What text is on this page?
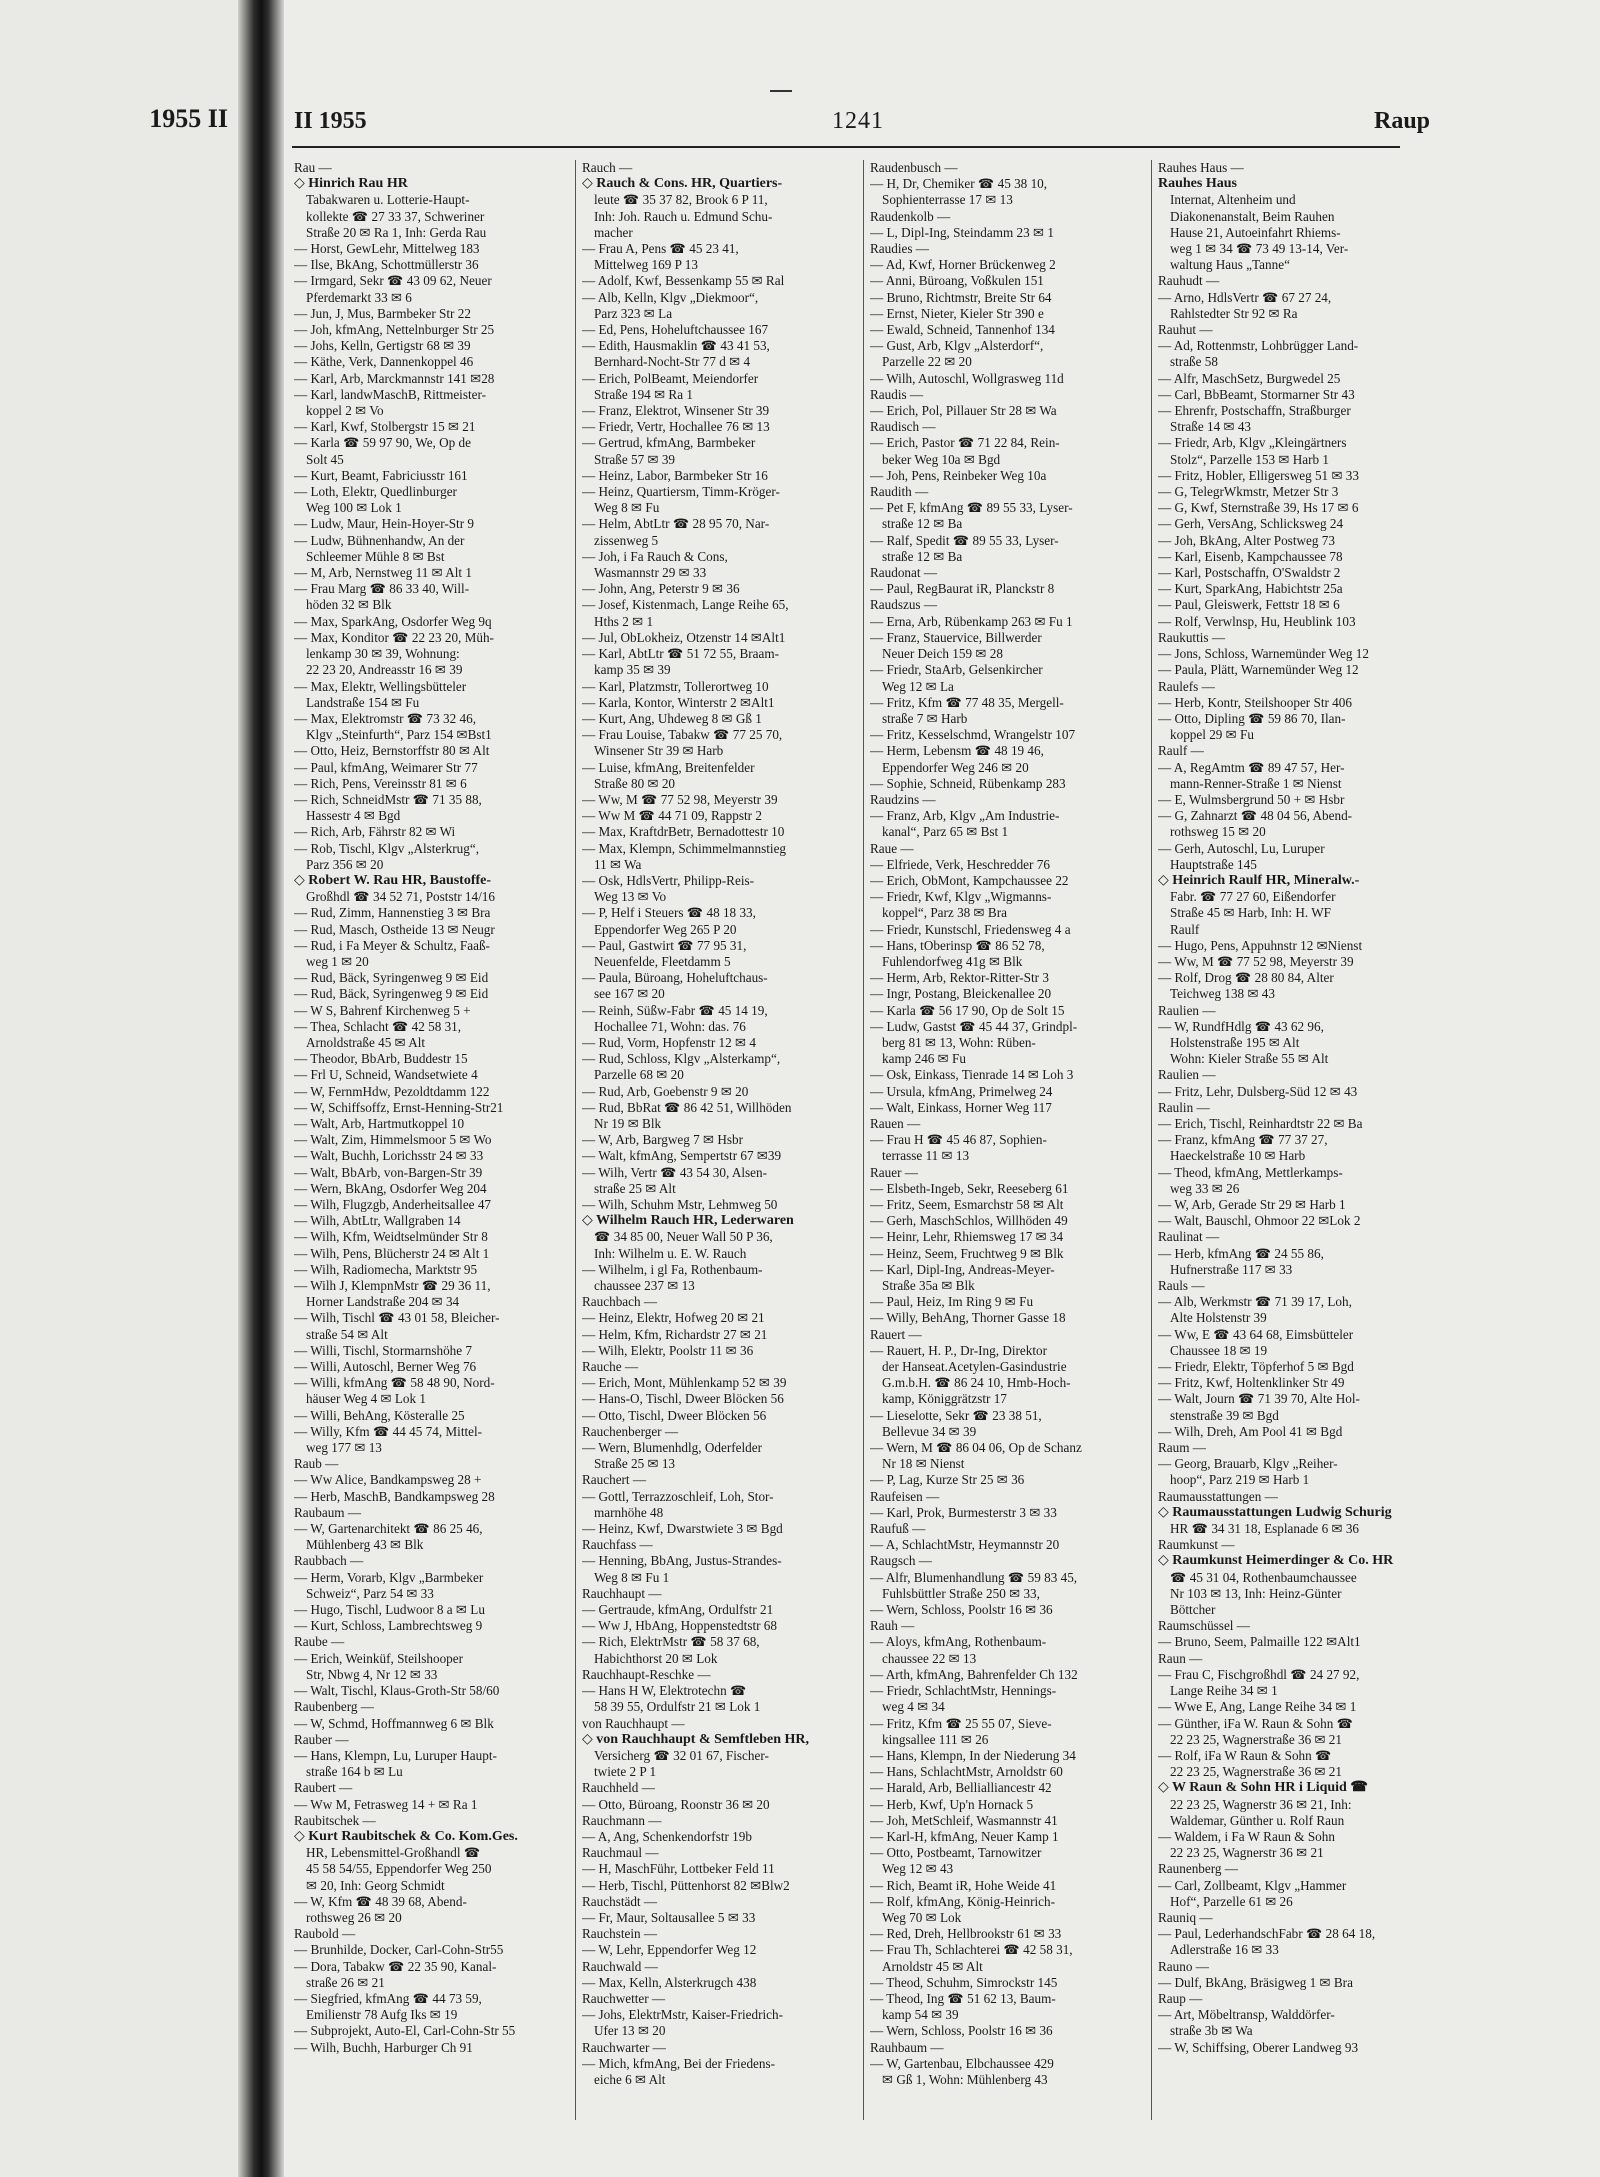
1955 II

	II 1955	1241	Raup
Rau —
◇ Hinrich Rau HR
Tabakwaren u. Lotterie-Haupt-
kollekte ☎ 27 33 37, Schweriner
Straße 20 ✉ Ra 1, Inh: Gerda Rau
— Horst, GewLehr, Mittelweg 183
— Ilse, BkAng, Schottmüllerstr 36
— Irmgard, Sekr ☎ 43 09 62, Neuer
Pferdemarkt 33 ✉ 6
— Jun, J, Mus, Barmbeker Str 22
— Joh, kfmAng, Nettelnburger Str 25
— Johs, Kelln, Gertigstr 68 ✉ 39
— Käthe, Verk, Dannenkoppel 46
— Karl, Arb, Marckmannstr 141 ✉28
— Karl, landwMaschB, Rittmeister-
koppel 2 ✉ Vo
— Karl, Kwf, Stolbergstr 15 ✉ 21
— Karla ☎ 59 97 90, We, Op de
Solt 45
— Kurt, Beamt, Fabriciusstr 161
— Loth, Elektr, Quedlinburger
Weg 100 ✉ Lok 1
— Ludw, Maur, Hein-Hoyer-Str 9
— Ludw, Bühnenhandw, An der
Schleemer Mühle 8 ✉ Bst
— M, Arb, Nernstweg 11 ✉ Alt 1
— Frau Marg ☎ 86 33 40, Will-
höden 32 ✉ Blk
— Max, SparkAng, Osdorfer Weg 9q
— Max, Konditor ☎ 22 23 20, Müh-
lenkamp 30 ✉ 39, Wohnung:
22 23 20, Andreasstr 16 ✉ 39
— Max, Elektr, Wellingsbütteler
Landstraße 154 ✉ Fu
— Max, Elektromstr ☎ 73 32 46,
Klgv „Steinfurth“, Parz 154 ✉Bst1
— Otto, Heiz, Bernstorffstr 80 ✉ Alt
— Paul, kfmAng, Weimarer Str 77
— Rich, Pens, Vereinsstr 81 ✉ 6
— Rich, SchneidMstr ☎ 71 35 88,
Hassestr 4 ✉ Bgd
— Rich, Arb, Fährstr 82 ✉ Wi
— Rob, Tischl, Klgv „Alsterkrug“,
Parz 356 ✉ 20
◇ Robert W. Rau HR, Baustoffe-
Großhdl ☎ 34 52 71, Poststr 14/16
— Rud, Zimm, Hannenstieg 3 ✉ Bra
— Rud, Masch, Ostheide 13 ✉ Neugr
— Rud, i Fa Meyer & Schultz, Faaß-
weg 1 ✉ 20
— Rud, Bäck, Syringenweg 9 ✉ Eid
— Rud, Bäck, Syringenweg 9 ✉ Eid
— W S, Bahrenf Kirchenweg 5 +
— Thea, Schlacht ☎ 42 58 31,
Arnoldstraße 45 ✉ Alt
— Theodor, BbArb, Buddestr 15
— Frl U, Schneid, Wandsetwiete 4
— W, FernmHdw, Pezoldtdamm 122
— W, Schiffsoffz, Ernst-Henning-Str21
— Walt, Arb, Hartmutkoppel 10
— Walt, Zim, Himmelsmoor 5 ✉ Wo
— Walt, Buchh, Lorichsstr 24 ✉ 33
— Walt, BbArb, von-Bargen-Str 39
— Wern, BkAng, Osdorfer Weg 204
— Wilh, Flugzgb, Anderheitsallee 47
— Wilh, AbtLtr, Wallgraben 14
— Wilh, Kfm, Weidtselmünder Str 8
— Wilh, Pens, Blücherstr 24 ✉ Alt 1
— Wilh, Radiomecha, Marktstr 95
— Wilh J, KlempnMstr ☎ 29 36 11,
Horner Landstraße 204 ✉ 34
— Wilh, Tischl ☎ 43 01 58, Bleicher-
straße 54 ✉ Alt
— Willi, Tischl, Stormarnshöhe 7
— Willi, Autoschl, Berner Weg 76
— Willi, kfmAng ☎ 58 48 90, Nord-
häuser Weg 4 ✉ Lok 1
— Willi, BehAng, Kösteralle 25
— Willy, Kfm ☎ 44 45 74, Mittel-
weg 177 ✉ 13
Raub —
— Ww Alice, Bandkampsweg 28 +
— Herb, MaschB, Bandkampsweg 28
Raubaum —
— W, Gartenarchitekt ☎ 86 25 46,
Mühlenberg 43 ✉ Blk
Raubbach —
— Herm, Vorarb, Klgv „Barmbeker
Schweiz“, Parz 54 ✉ 33
— Hugo, Tischl, Ludwoor 8 a ✉ Lu
— Kurt, Schloss, Lambrechtsweg 9
Raube —
— Erich, Weinküf, Steilshooper
Str, Nbwg 4, Nr 12 ✉ 33
— Walt, Tischl, Klaus-Groth-Str 58/60
Raubenberg —
— W, Schmd, Hoffmannweg 6 ✉ Blk
Rauber —
— Hans, Klempn, Lu, Luruper Haupt-
straße 164 b ✉ Lu
Raubert —
— Ww M, Fetrasweg 14 + ✉ Ra 1
Raubitschek —
◇ Kurt Raubitschek & Co. Kom.Ges.
HR, Lebensmittel-Großhandl ☎
45 58 54/55, Eppendorfer Weg 250
✉ 20, Inh: Georg Schmidt
— W, Kfm ☎ 48 39 68, Abend-
rothsweg 26 ✉ 20
Raubold —
— Brunhilde, Docker, Carl-Cohn-Str55
— Dora, Tabakw ☎ 22 35 90, Kanal-
straße 26 ✉ 21
— Siegfried, kfmAng ☎ 44 73 59,
Emilienstr 78 Aufg Iks ✉ 19
— Subprojekt, Auto-El, Carl-Cohn-Str 55
— Wilh, Buchh, Harburger Ch 91
Rauch —
◇ Rauch & Cons. HR, Quartiers-
leute ☎ 35 37 82, Brook 6 P 11,
Inh: Joh. Rauch u. Edmund Schu-
macher
— Frau A, Pens ☎ 45 23 41,
Mittelweg 169 P 13
— Adolf, Kwf, Bessenkamp 55 ✉ Ral
— Alb, Kelln, Klgv „Diekmoor“,
Parz 323 ✉ La
— Ed, Pens, Hoheluftchaussee 167
— Edith, Hausmaklin ☎ 43 41 53,
Bernhard-Nocht-Str 77 d ✉ 4
— Erich, PolBeamt, Meiendorfer
Straße 194 ✉ Ra 1
— Franz, Elektrot, Winsener Str 39
— Friedr, Vertr, Hochallee 76 ✉ 13
— Gertrud, kfmAng, Barmbeker
Straße 57 ✉ 39
— Heinz, Labor, Barmbeker Str 16
— Heinz, Quartiersm, Timm-Kröger-
Weg 8 ✉ Fu
— Helm, AbtLtr ☎ 28 95 70, Nar-
zissenweg 5
— Joh, i Fa Rauch & Cons,
Wasmannstr 29 ✉ 33
— John, Ang, Peterstr 9 ✉ 36
— Josef, Kistenmach, Lange Reihe 65,
Hths 2 ✉ 1
— Jul, ObLokheiz, Otzenstr 14 ✉Alt1
— Karl, AbtLtr ☎ 51 72 55, Braam-
kamp 35 ✉ 39
— Karl, Platzmstr, Tollerortweg 10
— Karla, Kontor, Winterstr 2 ✉Alt1
— Kurt, Ang, Uhdeweg 8 ✉ Gß 1
— Frau Louise, Tabakw ☎ 77 25 70,
Winsener Str 39 ✉ Harb
— Luise, kfmAng, Breitenfelder
Straße 80 ✉ 20
— Ww, M ☎ 77 52 98, Meyerstr 39
— Ww M ☎ 44 71 09, Rappstr 2
— Max, KraftdrBetr, Bernadottestr 10
— Max, Klempn, Schimmelmannstieg
11 ✉ Wa
— Osk, HdlsVertr, Philipp-Reis-
Weg 13 ✉ Vo
— P, Helf i Steuers ☎ 48 18 33,
Eppendorfer Weg 265 P 20
— Paul, Gastwirt ☎ 77 95 31,
Neuenfelde, Fleetdamm 5
— Paula, Büroang, Hoheluftchaus-
see 167 ✉ 20
— Reinh, Süßw-Fabr ☎ 45 14 19,
Hochallee 71, Wohn: das. 76
— Rud, Vorm, Hopfenstr 12 ✉ 4
— Rud, Schloss, Klgv „Alsterkamp“,
Parzelle 68 ✉ 20
— Rud, Arb, Goebenstr 9 ✉ 20
— Rud, BbRat ☎ 86 42 51, Willhöden
Nr 19 ✉ Blk
— W, Arb, Bargweg 7 ✉ Hsbr
— Walt, kfmAng, Sempertstr 67 ✉39
— Wilh, Vertr ☎ 43 54 30, Alsen-
straße 25 ✉ Alt
— Wilh, Schuhm Mstr, Lehmweg 50
◇ Wilhelm Rauch HR, Lederwaren
☎ 34 85 00, Neuer Wall 50 P 36,
Inh: Wilhelm u. E. W. Rauch
— Wilhelm, i gl Fa, Rothenbaum-
chaussee 237 ✉ 13
Rauchbach —
— Heinz, Elektr, Hofweg 20 ✉ 21
— Helm, Kfm, Richardstr 27 ✉ 21
— Wilh, Elektr, Poolstr 11 ✉ 36
Rauche —
— Erich, Mont, Mühlenkamp 52 ✉ 39
— Hans-O, Tischl, Dweer Blöcken 56
— Otto, Tischl, Dweer Blöcken 56
Rauchenberger —
— Wern, Blumenhdlg, Oderfelder
Straße 25 ✉ 13
Rauchert —
— Gottl, Terrazzoschleif, Loh, Stor-
marnhöhe 48
— Heinz, Kwf, Dwarstwiete 3 ✉ Bgd
Rauchfass —
— Henning, BbAng, Justus-Strandes-
Weg 8 ✉ Fu 1
Rauchhaupt —
— Gertraude, kfmAng, Ordulfstr 21
— Ww J, HbAng, Hoppenstedtstr 68
— Rich, ElektrMstr ☎ 58 37 68,
Habichthorst 20 ✉ Lok
Rauchhaupt-Reschke —
— Hans H W, Elektrotechn ☎
58 39 55, Ordulfstr 21 ✉ Lok 1
von Rauchhaupt —
◇ von Rauchhaupt & Semftleben HR,
Versicherg ☎ 32 01 67, Fischer-
twiete 2 P 1
Rauchheld —
— Otto, Büroang, Roonstr 36 ✉ 20
Rauchmann —
— A, Ang, Schenkendorfstr 19b
Rauchmaul —
— H, MaschFühr, Lottbeker Feld 11
— Herb, Tischl, Püttenhorst 82 ✉Blw2
Rauchstädt —
— Fr, Maur, Soltausallee 5 ✉ 33
Rauchstein —
— W, Lehr, Eppendorfer Weg 12
Rauchwald —
— Max, Kelln, Alsterkrugch 438
Rauchwetter —
— Johs, ElektrMstr, Kaiser-Friedrich-
Ufer 13 ✉ 20
Rauchwarter —
— Mich, kfmAng, Bei der Friedens-
eiche 6 ✉ Alt
Raudenbusch —
— H, Dr, Chemiker ☎ 45 38 10,
Sophienterrasse 17 ✉ 13
Raudenkolb —
— L, Dipl-Ing, Steindamm 23 ✉ 1
Raudies —
— Ad, Kwf, Horner Brückenweg 2
— Anni, Büroang, Voßkulen 151
— Bruno, Richtmstr, Breite Str 64
— Ernst, Nieter, Kieler Str 390 e
— Ewald, Schneid, Tannenhof 134
— Gust, Arb, Klgv „Alsterdorf“,
Parzelle 22 ✉ 20
— Wilh, Autoschl, Wollgrasweg 11d
Raudis —
— Erich, Pol, Pillauer Str 28 ✉ Wa
Raudisch —
— Erich, Pastor ☎ 71 22 84, Rein-
beker Weg 10a ✉ Bgd
— Joh, Pens, Reinbeker Weg 10a
Raudith —
— Pet F, kfmAng ☎ 89 55 33, Lyser-
straße 12 ✉ Ba
— Ralf, Spedit ☎ 89 55 33, Lyser-
straße 12 ✉ Ba
Raudonat —
— Paul, RegBaurat iR, Planckstr 8
Raudszus —
— Erna, Arb, Rübenkamp 263 ✉ Fu 1
— Franz, Stauervice, Billwerder
Neuer Deich 159 ✉ 28
— Friedr, StaArb, Gelsenkircher
Weg 12 ✉ La
— Fritz, Kfm ☎ 77 48 35, Mergell-
straße 7 ✉ Harb
— Fritz, Kesselschmd, Wrangelstr 107
— Herm, Lebensm ☎ 48 19 46,
Eppendorfer Weg 246 ✉ 20
— Sophie, Schneid, Rübenkamp 283
Raudzins —
— Franz, Arb, Klgv „Am Industrie-
kanal“, Parz 65 ✉ Bst 1
Raue —
— Elfriede, Verk, Heschredder 76
— Erich, ObMont, Kampchaussee 22
— Friedr, Kwf, Klgv „Wigmanns-
koppel“, Parz 38 ✉ Bra
— Friedr, Kunstschl, Friedensweg 4 a
— Hans, tOberinsp ☎ 86 52 78,
Fuhlendorfweg 41g ✉ Blk
— Herm, Arb, Rektor-Ritter-Str 3
— Ingr, Postang, Bleickenallee 20
— Karla ☎ 56 17 90, Op de Solt 15
— Ludw, Gastst ☎ 45 44 37, Grindpl-
berg 81 ✉ 13, Wohn: Rüben-
kamp 246 ✉ Fu
— Osk, Einkass, Tienrade 14 ✉ Loh 3
— Ursula, kfmAng, Primelweg 24
— Walt, Einkass, Horner Weg 117
Rauen —
— Frau H ☎ 45 46 87, Sophien-
terrasse 11 ✉ 13
Rauer —
— Elsbeth-Ingeb, Sekr, Reeseberg 61
— Fritz, Seem, Esmarchstr 58 ✉ Alt
— Gerh, MaschSchlos, Willhöden 49
— Heinr, Lehr, Rhiemsweg 17 ✉ 34
— Heinz, Seem, Fruchtweg 9 ✉ Blk
— Karl, Dipl-Ing, Andreas-Meyer-
Straße 35a ✉ Blk
— Paul, Heiz, Im Ring 9 ✉ Fu
— Willy, BehAng, Thorner Gasse 18
Rauert —
— Rauert, H. P., Dr-Ing, Direktor
der Hanseat.Acetylen-Gasindustrie
G.m.b.H. ☎ 86 24 10, Hmb-Hoch-
kamp, Königgrätzstr 17
— Lieselotte, Sekr ☎ 23 38 51,
Bellevue 34 ✉ 39
— Wern, M ☎ 86 04 06, Op de Schanz
Nr 18 ✉ Nienst
— P, Lag, Kurze Str 25 ✉ 36
Raufeisen —
— Karl, Prok, Burmesterstr 3 ✉ 33
Raufuß —
— A, SchlachtMstr, Heymannstr 20
Raugsch —
— Alfr, Blumenhandlung ☎ 59 83 45,
Fuhlsbüttler Straße 250 ✉ 33,
— Wern, Schloss, Poolstr 16 ✉ 36
Rauh —
— Aloys, kfmAng, Rothenbaum-
chaussee 22 ✉ 13
— Arth, kfmAng, Bahrenfelder Ch 132
— Friedr, SchlachtMstr, Hennings-
weg 4 ✉ 34
— Fritz, Kfm ☎ 25 55 07, Sieve-
kingsallee 111 ✉ 26
— Hans, Klempn, In der Niederung 34
— Hans, SchlachtMstr, Arnoldstr 60
— Harald, Arb, Bellialliancestr 42
— Herb, Kwf, Up'n Hornack 5
— Joh, MetSchleif, Wasmannstr 41
— Karl-H, kfmAng, Neuer Kamp 1
— Otto, Postbeamt, Tarnowitzer
Weg 12 ✉ 43
— Rich, Beamt iR, Hohe Weide 41
— Rolf, kfmAng, König-Heinrich-
Weg 70 ✉ Lok
— Red, Dreh, Hellbrookstr 61 ✉ 33
— Frau Th, Schlachterei ☎ 42 58 31,
Arnoldstr 45 ✉ Alt
— Theod, Schuhm, Simrockstr 145
— Theod, Ing ☎ 51 62 13, Baum-
kamp 54 ✉ 39
— Wern, Schloss, Poolstr 16 ✉ 36
Rauhbaum —
— W, Gartenbau, Elbchaussee 429
✉ Gß 1, Wohn: Mühlenberg 43
Rauhes Haus —
Rauhes Haus
Internat, Altenheim und
Diakonenanstalt, Beim Rauhen
Hause 21, Autoeinfahrt Rhiems-
weg 1 ✉ 34 ☎ 73 49 13-14, Ver-
waltung Haus „Tanne“
Rauhudt —
— Arno, HdlsVertr ☎ 67 27 24,
Rahlstedter Str 92 ✉ Ra
Rauhut —
— Ad, Rottenmstr, Lohbrügger Land-
straße 58
— Alfr, MaschSetz, Burgwedel 25
— Carl, BbBeamt, Stormarner Str 43
— Ehrenfr, Postschaffn, Straßburger
Straße 14 ✉ 43
— Friedr, Arb, Klgv „Kleingärtners
Stolz“, Parzelle 153 ✉ Harb 1
— Fritz, Hobler, Elligersweg 51 ✉ 33
— G, TelegrWkmstr, Metzer Str 3
— G, Kwf, Sternstraße 39, Hs 17 ✉ 6
— Gerh, VersAng, Schlicksweg 24
— Joh, BkAng, Alter Postweg 73
— Karl, Eisenb, Kampchaussee 78
— Karl, Postschaffn, O'Swaldstr 2
— Kurt, SparkAng, Habichtstr 25a
— Paul, Gleiswerk, Fettstr 18 ✉ 6
— Rolf, Verwlnsp, Hu, Heublink 103
Raukuttis —
— Jons, Schloss, Warnemünder Weg 12
— Paula, Plätt, Warnemünder Weg 12
Raulefs —
— Herb, Kontr, Steilshooper Str 406
— Otto, Dipling ☎ 59 86 70, Ilan-
koppel 29 ✉ Fu
Raulf —
— A, RegAmtm ☎ 89 47 57, Her-
mann-Renner-Straße 1 ✉ Nienst
— E, Wulmsbergrund 50 + ✉ Hsbr
— G, Zahnarzt ☎ 48 04 56, Abend-
rothsweg 15 ✉ 20
— Gerh, Autoschl, Lu, Luruper
Hauptstraße 145
◇ Heinrich Raulf HR, Mineralw.-
Fabr. ☎ 77 27 60, Eißendorfer
Straße 45 ✉ Harb, Inh: H. WF
Raulf
— Hugo, Pens, Appuhnstr 12 ✉Nienst
— Ww, M ☎ 77 52 98, Meyerstr 39
— Rolf, Drog ☎ 28 80 84, Alter
Teichweg 138 ✉ 43
Raulien —
— W, RundfHdlg ☎ 43 62 96,
Holstenstraße 195 ✉ Alt
Wohn: Kieler Straße 55 ✉ Alt
Raulien —
— Fritz, Lehr, Dulsberg-Süd 12 ✉ 43
Raulin —
— Erich, Tischl, Reinhardtstr 22 ✉ Ba
— Franz, kfmAng ☎ 77 37 27,
Haeckelstraße 10 ✉ Harb
— Theod, kfmAng, Mettlerkamps-
weg 33 ✉ 26
— W, Arb, Gerade Str 29 ✉ Harb 1
— Walt, Bauschl, Ohmoor 22 ✉Lok 2
Raulinat —
— Herb, kfmAng ☎ 24 55 86,
Hufnerstraße 117 ✉ 33
Rauls —
— Alb, Werkmstr ☎ 71 39 17, Loh,
Alte Holstenstr 39
— Ww, E ☎ 43 64 68, Eimsbütteler
Chaussee 18 ✉ 19
— Friedr, Elektr, Töpferhof 5 ✉ Bgd
— Fritz, Kwf, Holtenklinker Str 49
— Walt, Journ ☎ 71 39 70, Alte Hol-
stenstraße 39 ✉ Bgd
— Wilh, Dreh, Am Pool 41 ✉ Bgd
Raum —
— Georg, Brauarb, Klgv „Reiher-
hoop“, Parz 219 ✉ Harb 1
Raumausstattungen —
◇ Raumausstattungen Ludwig Schurig
HR ☎ 34 31 18, Esplanade 6 ✉ 36
Raumkunst —
◇ Raumkunst Heimerdinger & Co. HR
☎ 45 31 04, Rothenbaumchaussee
Nr 103 ✉ 13, Inh: Heinz-Günter
Böttcher
Raumschüssel —
— Bruno, Seem, Palmaille 122 ✉Alt1
Raun —
— Frau C, Fischgroßhdl ☎ 24 27 92,
Lange Reihe 34 ✉ 1
— Wwe E, Ang, Lange Reihe 34 ✉ 1
— Günther, iFa W. Raun & Sohn ☎
22 23 25, Wagnerstraße 36 ✉ 21
— Rolf, iFa W Raun & Sohn ☎
22 23 25, Wagnerstraße 36 ✉ 21
◇ W Raun & Sohn HR i Liquid ☎
22 23 25, Wagnerstr 36 ✉ 21, Inh:
Waldemar, Günther u. Rolf Raun
— Waldem, i Fa W Raun & Sohn
22 23 25, Wagnerstr 36 ✉ 21
Raunenberg —
— Carl, Zollbeamt, Klgv „Hammer
Hof“, Parzelle 61 ✉ 26
Rauniq —
— Paul, LederhandschFabr ☎ 28 64 18,
Adlerstraße 16 ✉ 33
Rauno —
— Dulf, BkAng, Bräsigweg 1 ✉ Bra
Raup —
— Art, Möbeltransp, Walddörfer-
straße 3b ✉ Wa
— W, Schiffsing, Oberer Landweg 93
